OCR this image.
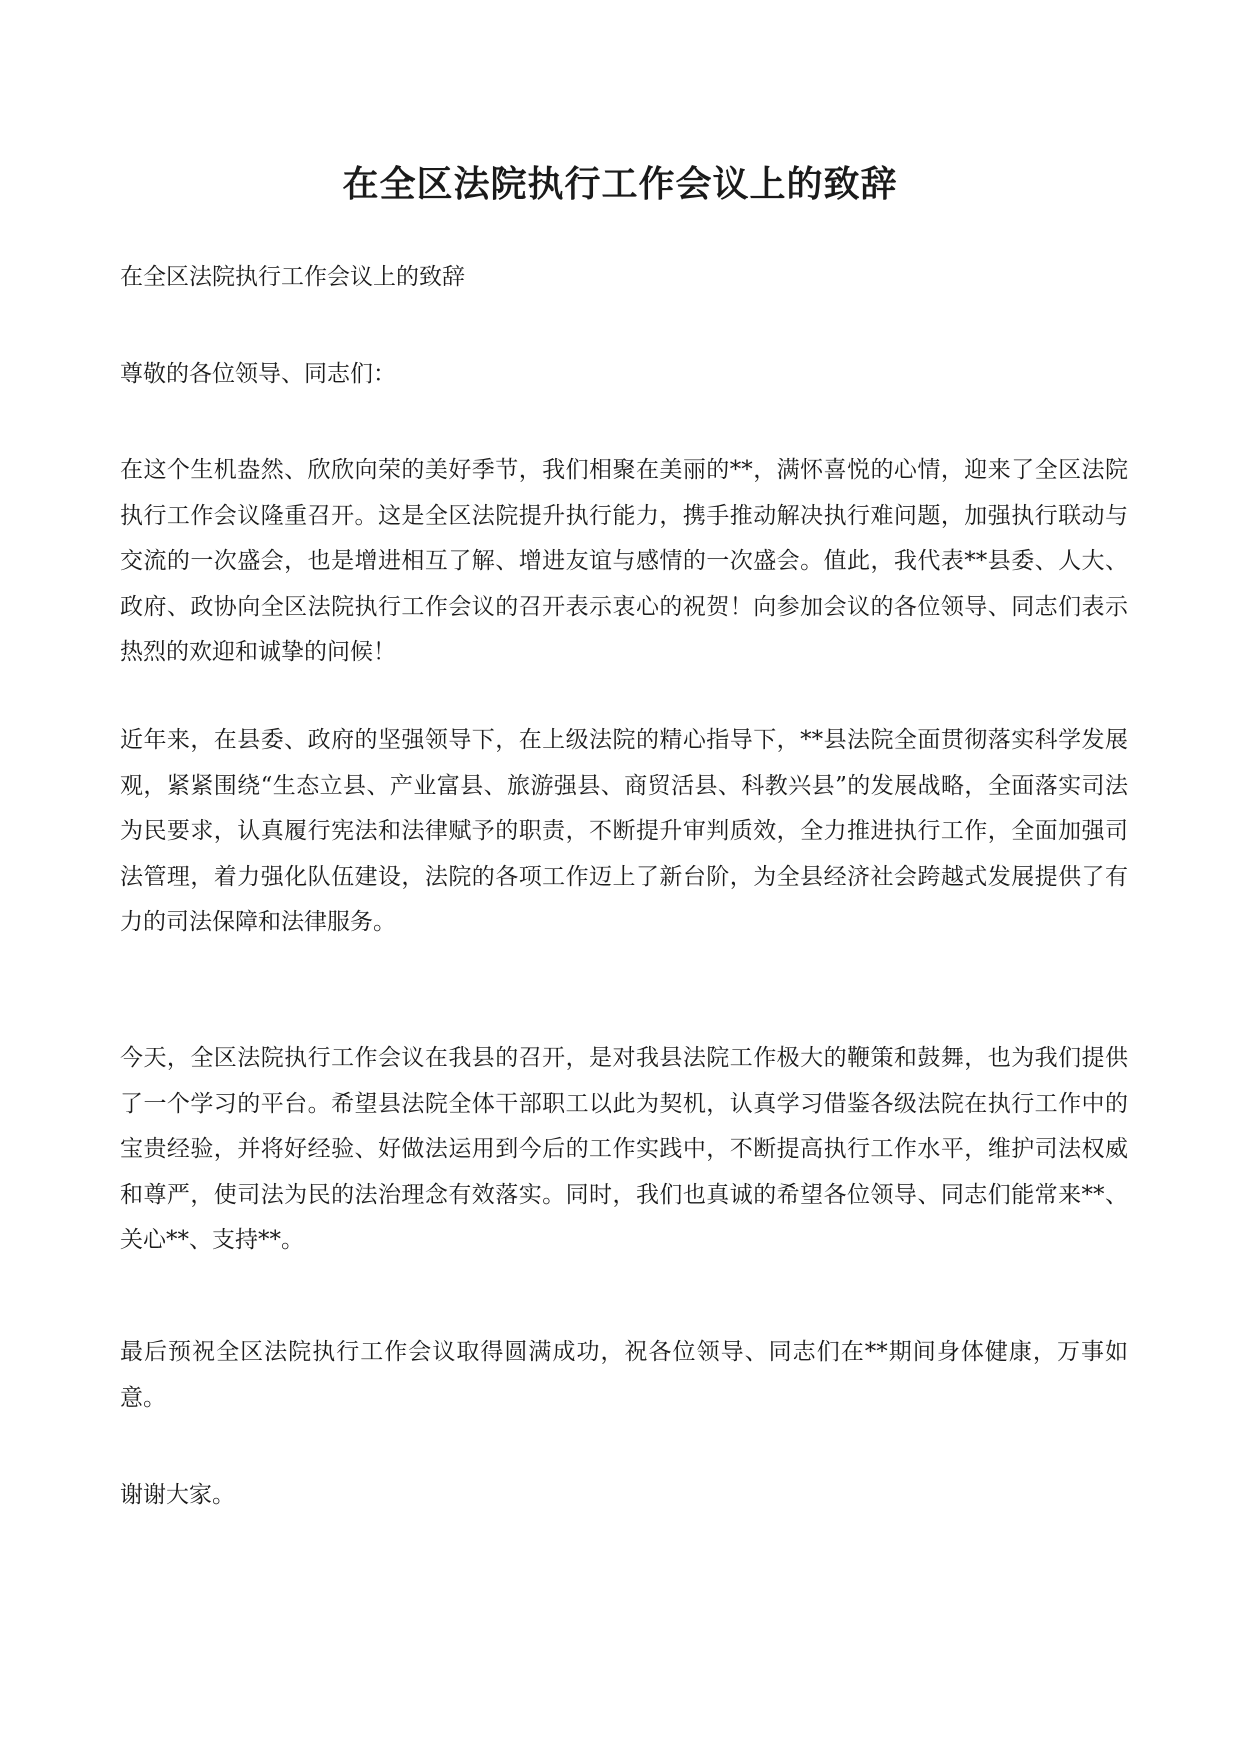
在全区法院执行工作会议上的致辞

在全区法院执行工作会议上的致辞

尊敬的各位领导、同志们：

在这个生机盎然、欣欣向荣的美好季节，我们相聚在美丽的**，满怀喜悦的心情，迎来了全区法院执行工作会议隆重召开。这是全区法院提升执行能力，携手推动解决执行难问题，加强执行联动与交流的一次盛会，也是增进相互了解、增进友谊与感情的一次盛会。值此，我代表**县委、人大、政府、政协向全区法院执行工作会议的召开表示衷心的祝贺！向参加会议的各位领导、同志们表示热烈的欢迎和诚挚的问候！

近年来，在县委、政府的坚强领导下，在上级法院的精心指导下，**县法院全面贯彻落实科学发展观，紧紧围绕“生态立县、产业富县、旅游强县、商贸活县、科教兴县”的发展战略，全面落实司法为民要求，认真履行宪法和法律赋予的职责，不断提升审判质效，全力推进执行工作，全面加强司法管理，着力强化队伍建设，法院的各项工作迈上了新台阶，为全县经济社会跨越式发展提供了有力的司法保障和法律服务。

今天，全区法院执行工作会议在我县的召开，是对我县法院工作极大的鞭策和鼓舞，也为我们提供了一个学习的平台。希望县法院全体干部职工以此为契机，认真学习借鉴各级法院在执行工作中的宝贵经验，并将好经验、好做法运用到今后的工作实践中，不断提高执行工作水平，维护司法权威和尊严，使司法为民的法治理念有效落实。同时，我们也真诚的希望各位领导、同志们能常来**、关心**、支持**。

最后预祝全区法院执行工作会议取得圆满成功，祝各位领导、同志们在**期间身体健康，万事如意。

谢谢大家。
